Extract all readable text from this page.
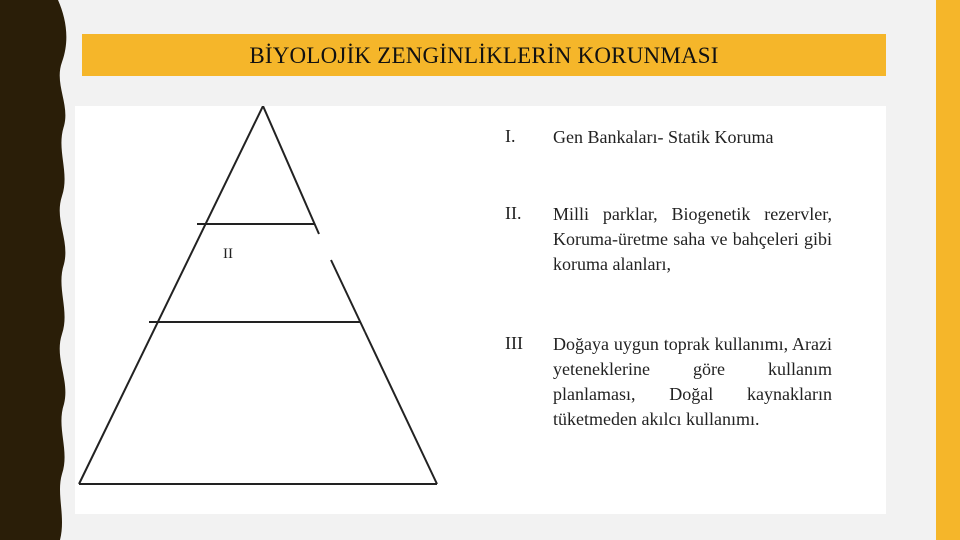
BİYOLOJİK ZENGİNLİKLERİN KORUNMASI
II
I.	Gen Bankaları- Statik Koruma
II.	Milli parklar, Biogenetik rezervler, Koruma-üretme saha ve bahçeleri gibi koruma alanları,
III	Doğaya uygun toprak kullanımı, Arazi yeteneklerine göre kullanım planlaması, Doğal kaynakların tüketmeden akılcı kullanımı.
